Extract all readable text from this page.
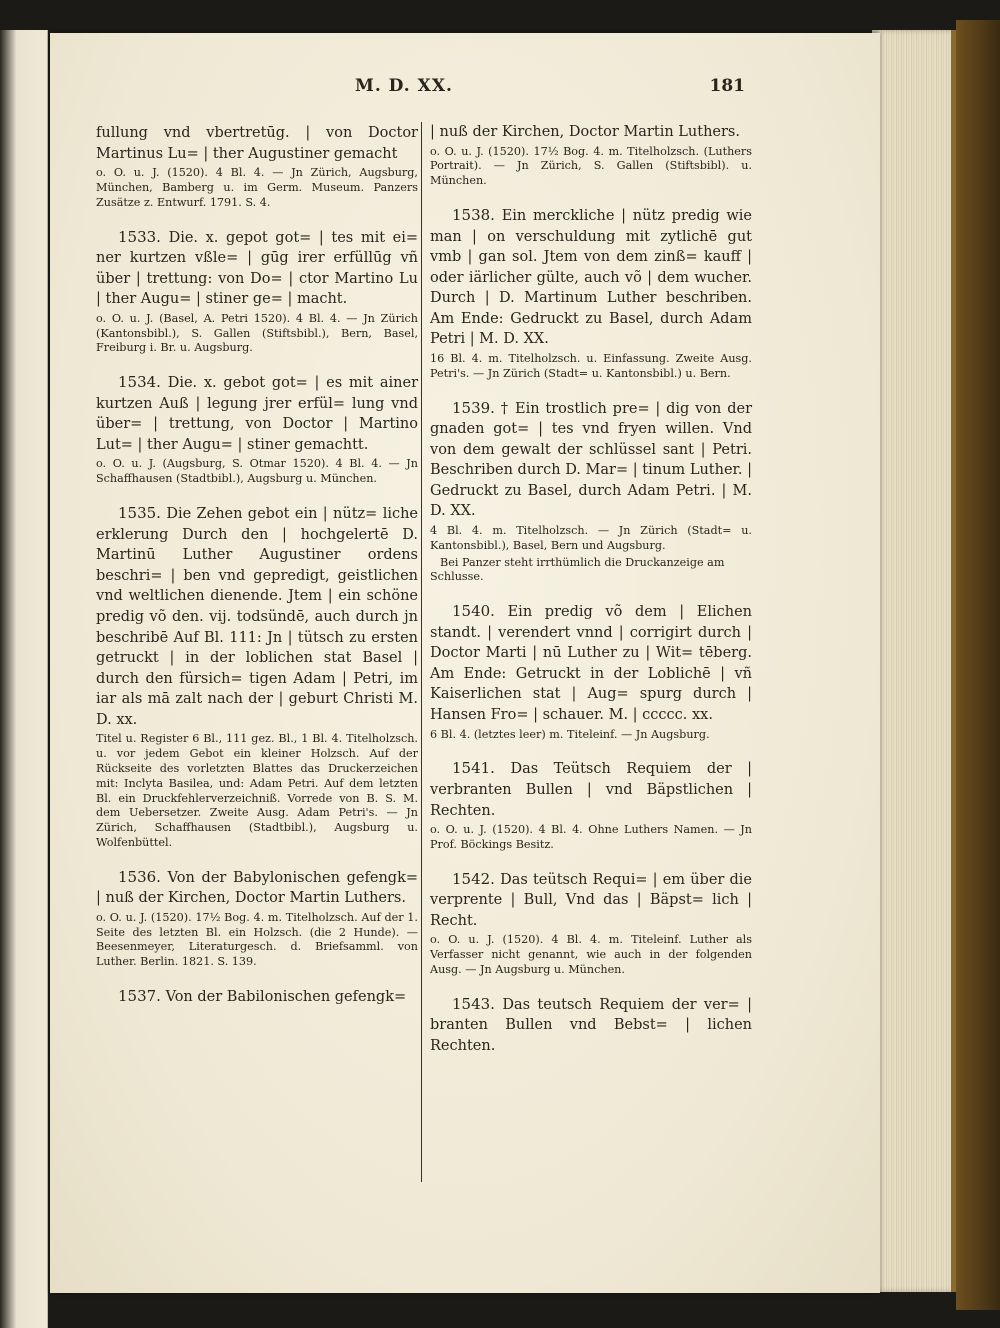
M. D. XX.	181

fullung vnd vbertretūg. | von Doctor Martinus Lu= | ther Augustiner gemacht

o. O. u. J. (1520). 4 Bl. 4. — Jn Zürich, Augsburg, München, Bamberg u. im Germ. Museum. Panzers Zusätze z. Entwurf. 1791. S. 4.

1533. Die. x. gepot got= | tes mit ei= ner kurtzen vßle= | gūg irer erfüllūg vñ über | trettung: von Do= | ctor Martino Lu | ther Augu= | stiner ge= | macht.

o. O. u. J. (Basel, A. Petri 1520). 4 Bl. 4. — Jn Zürich (Kantonsbibl.), S. Gallen (Stiftsbibl.), Bern, Basel, Freiburg i. Br. u. Augsburg.

1534. Die. x. gebot got= | es mit ainer kurtzen Auß | legung jrer erfül= lung vnd über= | trettung, von Doctor | Martino Lut= | ther Augu= | stiner gemachtt.

o. O. u. J. (Augsburg, S. Otmar 1520). 4 Bl. 4. — Jn Schaffhausen (Stadtbibl.), Augsburg u. München.

1535. Die Zehen gebot ein | nütz= liche erklerung Durch den | hochgelertē D. Martinū Luther Augustiner ordens beschri= | ben vnd gepredigt, geistlichen vnd weltlichen dienende. Jtem | ein schöne predig võ den. vij. todsündē, auch durch jn beschribē Auf Bl. 111: Jn | tütsch zu ersten getruckt | in der loblichen stat Basel | durch den fürsich= tigen Adam | Petri, im iar als mā zalt nach der | geburt Christi M. D. xx.

Titel u. Register 6 Bl., 111 gez. Bl., 1 Bl. 4. Titelholzsch. u. vor jedem Gebot ein kleiner Holzsch. Auf der Rückseite des vorletzten Blattes das Druckerzeichen mit: Inclyta Basilea, und: Adam Petri. Auf dem letzten Bl. ein Druckfehlerverzeichniß. Vorrede von B. S. M. dem Uebersetzer. Zweite Ausg. Adam Petri's. — Jn Zürich, Schaffhausen (Stadtbibl.), Augsburg u. Wolfenbüttel.

1536. Von der Babylonischen gefengk= | nuß der Kirchen, Doctor Martin Luthers.

o. O. u. J. (1520). 17½ Bog. 4. m. Titelholzsch. Auf der 1. Seite des letzten Bl. ein Holzsch. (die 2 Hunde). — Beesenmeyer, Literaturgesch. d. Briefsamml. von Luther. Berlin. 1821. S. 139.

1537. Von der Babilonischen gefengk=

| nuß der Kirchen, Doctor Martin Luthers.

o. O. u. J. (1520). 17½ Bog. 4. m. Titelholzsch. (Luthers Portrait). — Jn Zürich, S. Gallen (Stiftsbibl). u. München.

1538. Ein merckliche | nütz predig wie man | on verschuldung mit zytlichē gut vmb | gan sol. Jtem von dem zinß= kauff | oder iärlicher gülte, auch võ | dem wucher. Durch | D. Martinum Luther beschriben. Am Ende: Gedruckt zu Basel, durch Adam Petri | M. D. XX.

16 Bl. 4. m. Titelholzsch. u. Einfassung. Zweite Ausg. Petri's. — Jn Zürich (Stadt= u. Kantonsbibl.) u. Bern.

1539. † Ein trostlich pre= | dig von der gnaden got= | tes vnd fryen willen. Vnd von dem gewalt der schlüssel sant | Petri. Beschriben durch D. Mar= | tinum Luther. | Gedruckt zu Basel, durch Adam Petri. | M. D. XX.

4 Bl. 4. m. Titelholzsch. — Jn Zürich (Stadt= u. Kantonsbibl.), Basel, Bern und Augsburg.

Bei Panzer steht irrthümlich die Druckanzeige am Schlusse.

1540. Ein predig võ dem | Elichen standt. | verendert vnnd | corrigirt durch | Doctor Marti | nū Luther zu | Wit= tēberg. Am Ende: Getruckt in der Loblichē | vñ Kaiserlichen stat | Aug= spurg durch | Hansen Fro= | schauer. M. | ccccc. xx.

6 Bl. 4. (letztes leer) m. Titeleinf. — Jn Augsburg.

1541. Das Teütsch Requiem der | verbranten Bullen | vnd Bäpstlichen | Rechten.

o. O. u. J. (1520). 4 Bl. 4. Ohne Luthers Namen. — Jn Prof. Böckings Besitz.

1542. Das teütsch Requi= | em über die verprente | Bull, Vnd das | Bäpst= lich | Recht.

o. O. u. J. (1520). 4 Bl. 4. m. Titeleinf. Luther als Verfasser nicht genannt, wie auch in der folgenden Ausg. — Jn Augsburg u. München.

1543. Das teutsch Requiem der ver= | branten Bullen vnd Bebst= | lichen Rechten.
